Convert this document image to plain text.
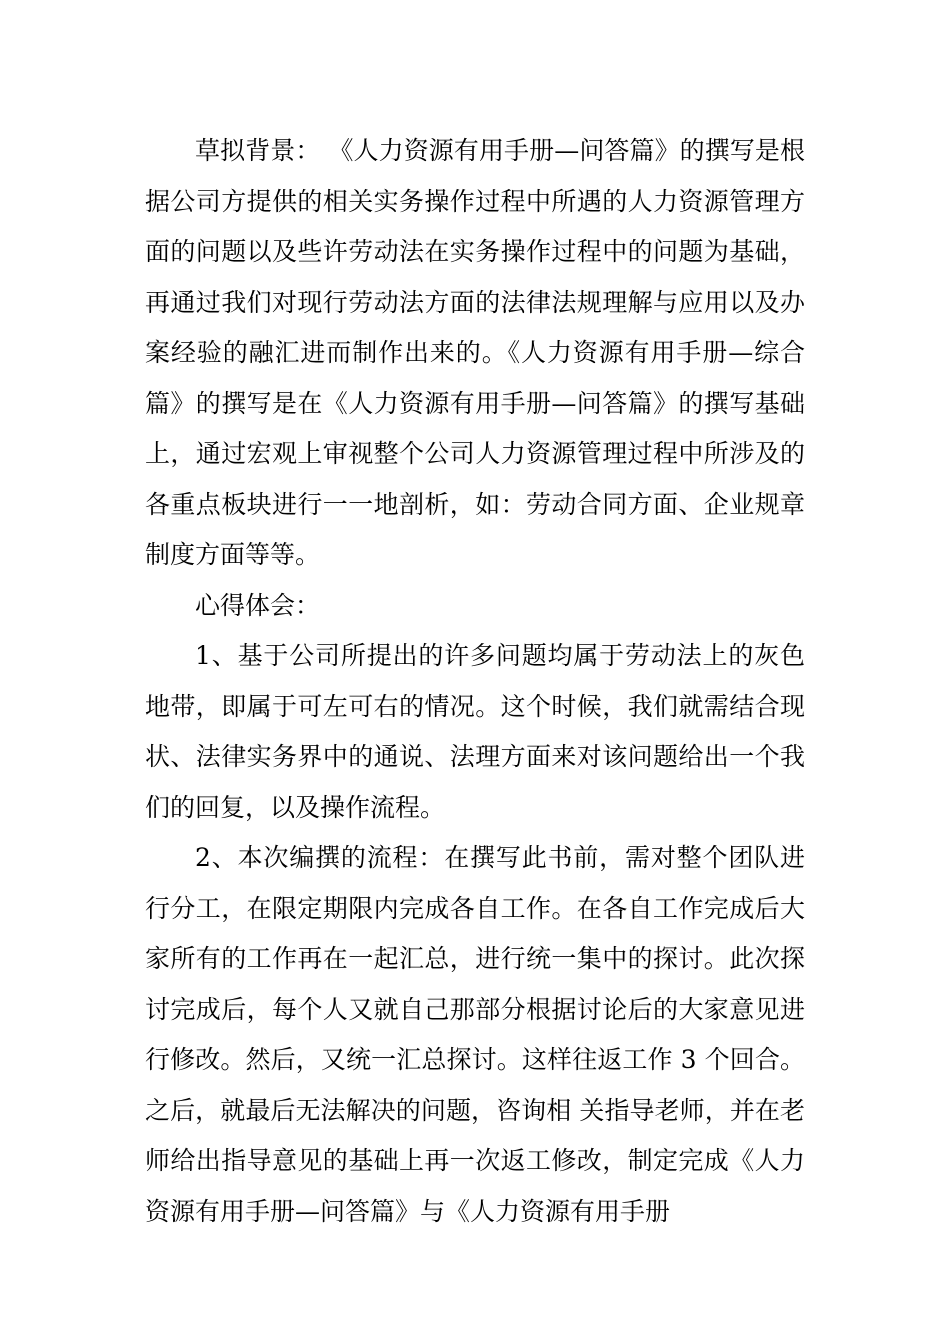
草拟背景： 《人力资源有用手册—问答篇》的撰写是根据公司方提供的相关实务操作过程中所遇的人力资源管理方面的问题以及些许劳动法在实务操作过程中的问题为基础，再通过我们对现行劳动法方面的法律法规理解与应用以及办案经验的融汇进而制作出来的。《人力资源有用手册—综合篇》的撰写是在《人力资源有用手册—问答篇》的撰写基础上，通过宏观上审视整个公司人力资源管理过程中所涉及的各重点板块进行一一地剖析，如：劳动合同方面、企业规章制度方面等等。

心得体会：

1、基于公司所提出的许多问题均属于劳动法上的灰色地带，即属于可左可右的情况。这个时候，我们就需结合现状、法律实务界中的通说、法理方面来对该问题给出一个我们的回复，以及操作流程。

2、本次编撰的流程：在撰写此书前，需对整个团队进行分工，在限定期限内完成各自工作。在各自工作完成后大家所有的工作再在一起汇总，进行统一集中的探讨。此次探讨完成后，每个人又就自己那部分根据讨论后的大家意见进行修改。然后，又统一汇总探讨。这样往返工作 3 个回合。之后，就最后无法解决的问题，咨询相 关指导老师，并在老师给出指导意见的基础上再一次返工修改，制定完成《人力资源有用手册—问答篇》与《人力资源有用手册
